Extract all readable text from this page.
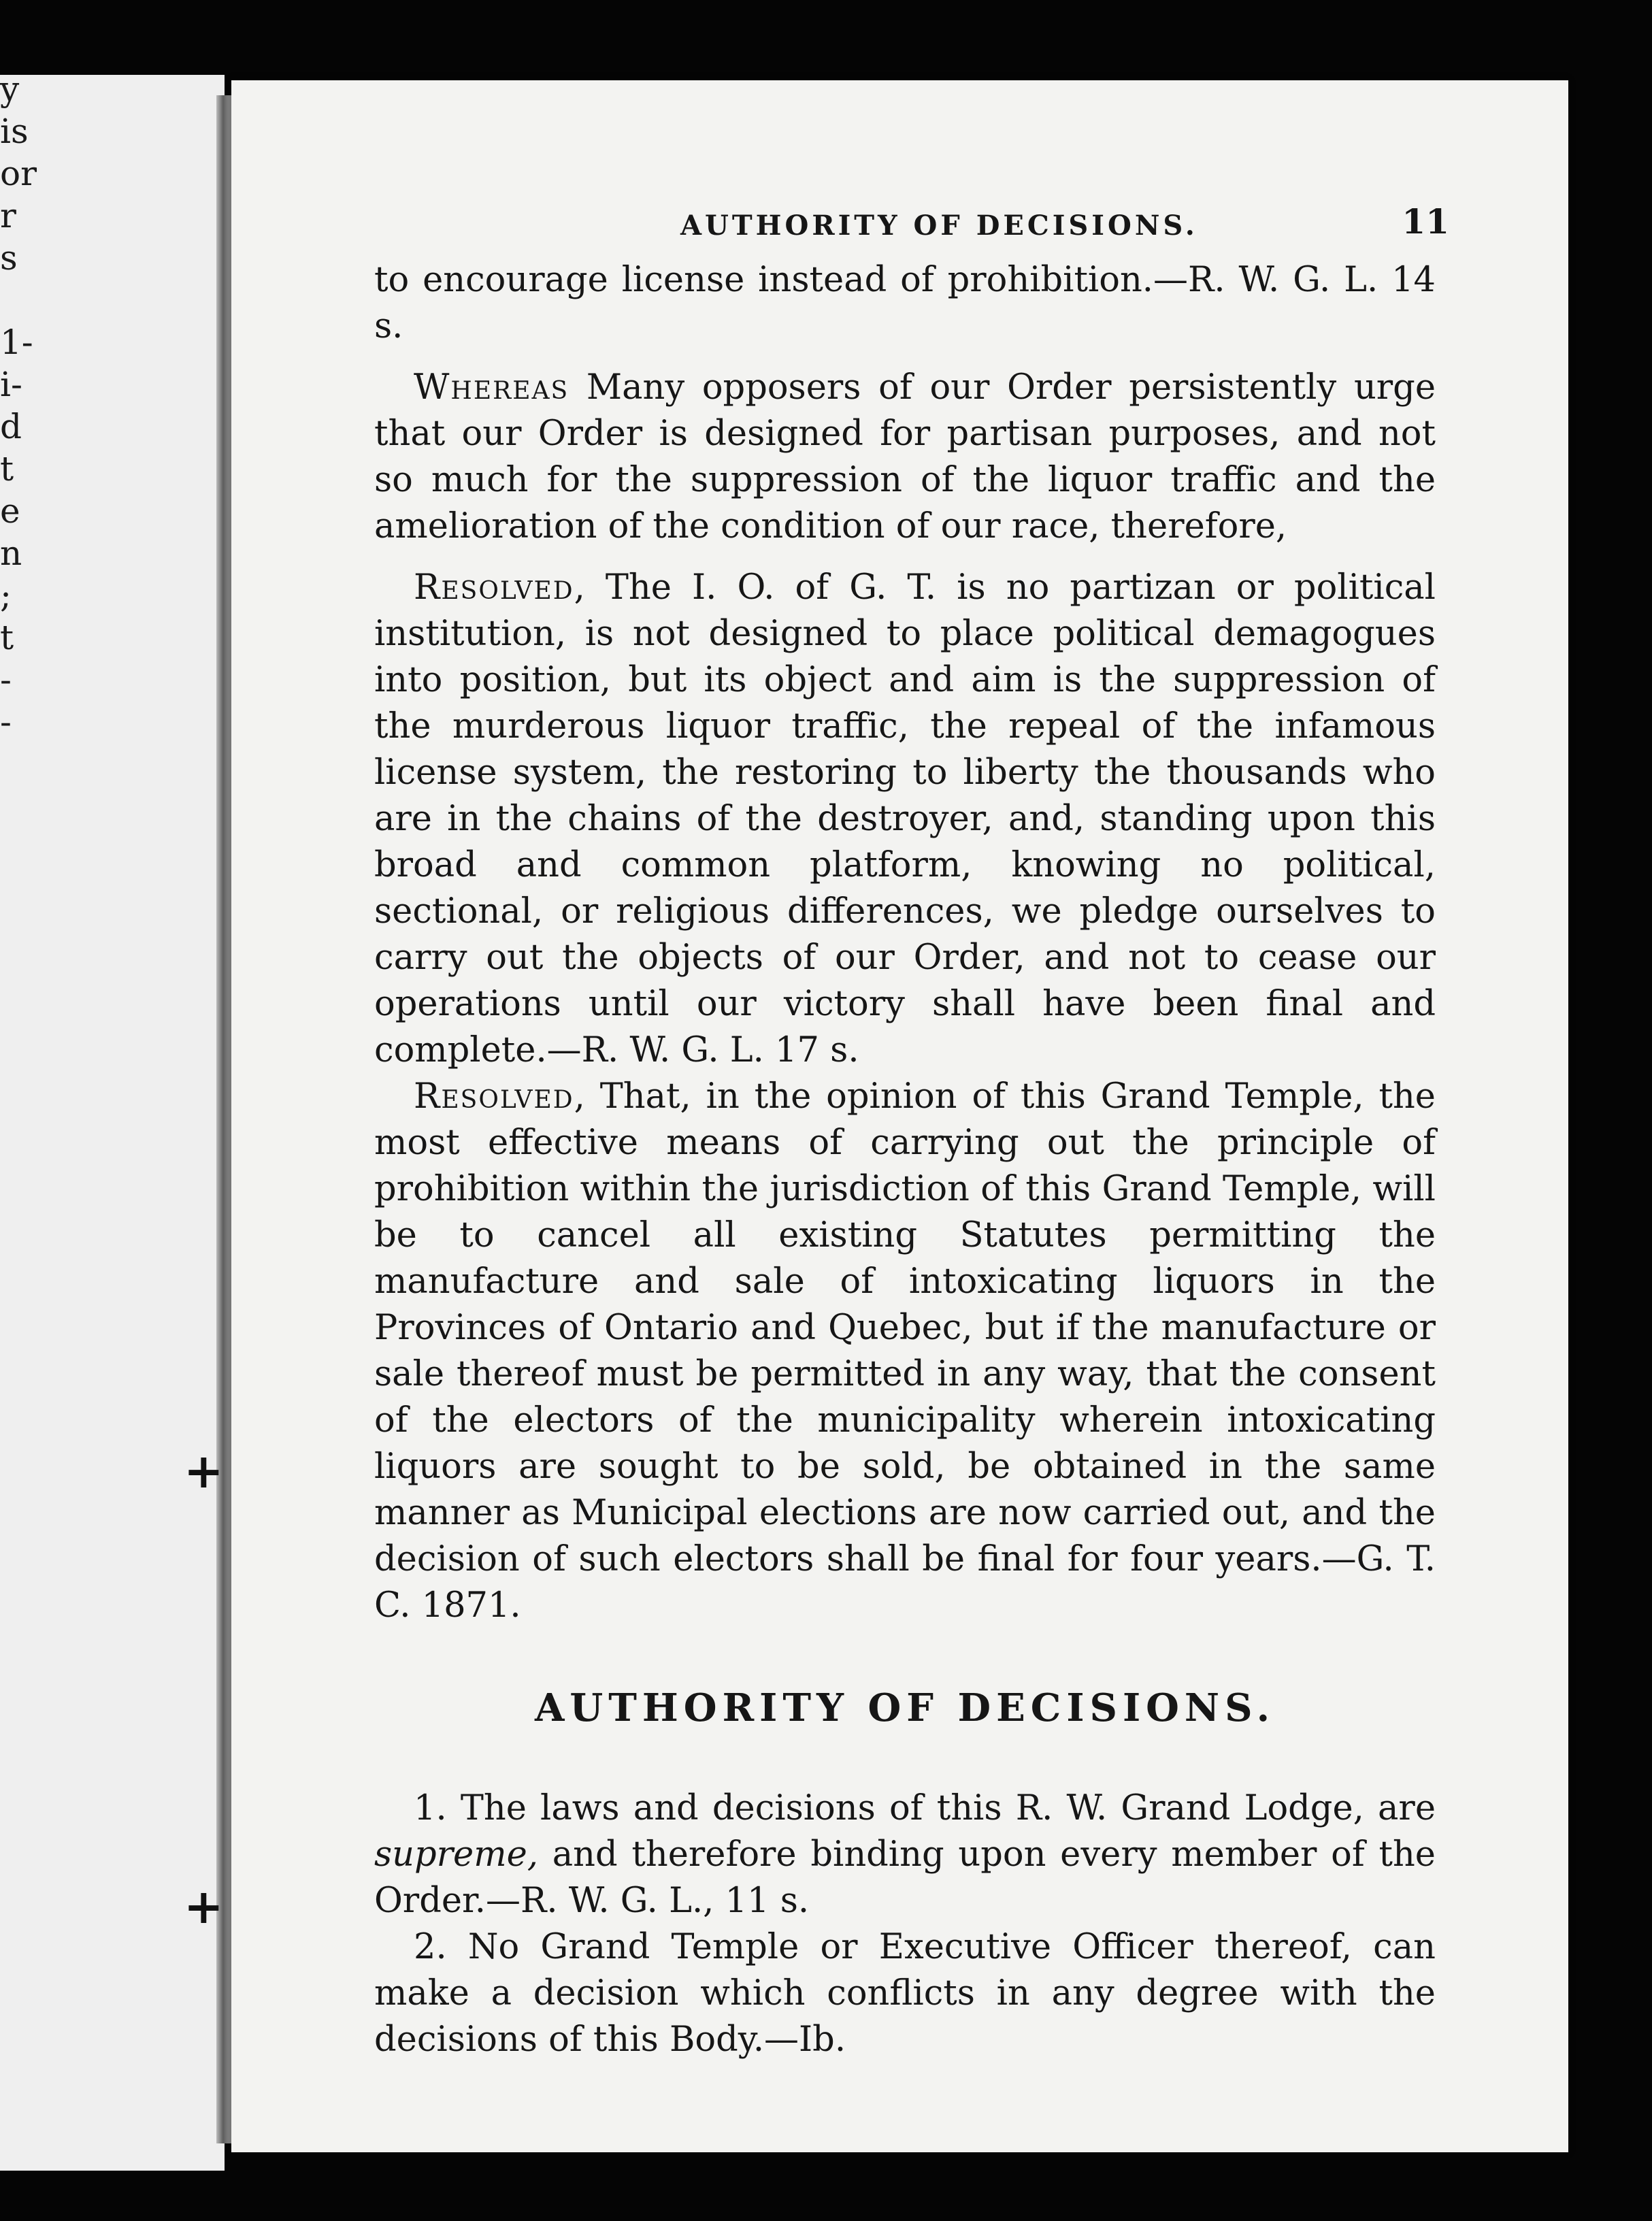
y
is
or
r
s

1-
i-
d
t
e
n
;
t
-
-
+
+
AUTHORITY OF DECISIONS.	11

to encourage license instead of prohibition.—R. W. G. L. 14 s.

Whereas Many opposers of our Order persistently urge that our Order is designed for partisan purposes, and not so much for the suppression of the liquor traffic and the amelioration of the condition of our race, therefore,

Resolved, The I. O. of G. T. is no partizan or political institution, is not designed to place political demagogues into position, but its object and aim is the suppression of the murderous liquor traffic, the repeal of the infamous license system, the restoring to liberty the thousands who are in the chains of the destroyer, and, standing upon this broad and common platform, knowing no political, sectional, or religious differences, we pledge ourselves to carry out the objects of our Order, and not to cease our operations until our victory shall have been final and complete.—R. W. G. L. 17 s.

Resolved, That, in the opinion of this Grand Temple, the most effective means of carrying out the principle of prohibition within the jurisdiction of this Grand Temple, will be to cancel all existing Statutes permitting the manufacture and sale of intoxicating liquors in the Provinces of Ontario and Quebec, but if the manufacture or sale thereof must be permitted in any way, that the consent of the electors of the municipality wherein intoxicating liquors are sought to be sold, be obtained in the same manner as Municipal elections are now carried out, and the decision of such electors shall be final for four years.—G. T. C. 1871.

AUTHORITY OF DECISIONS.

1. The laws and decisions of this R. W. Grand Lodge, are supreme, and therefore binding upon every member of the Order.—R. W. G. L., 11 s.

2. No Grand Temple or Executive Officer thereof, can make a decision which conflicts in any degree with the decisions of this Body.—Ib.
